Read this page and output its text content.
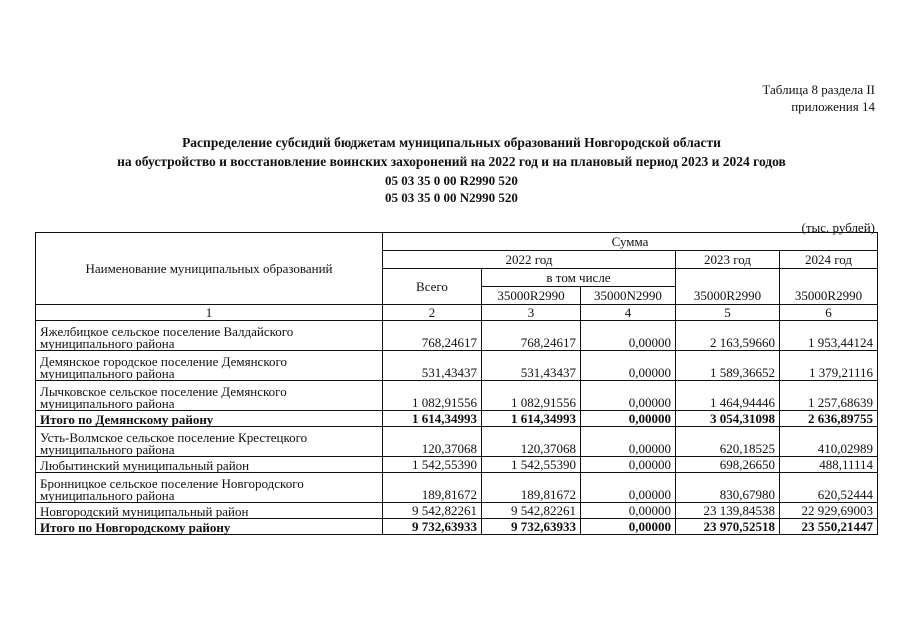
Таблица 8 раздела II
приложения 14
Распределение субсидий бюджетам муниципальных образований Новгородской области
на обустройство и восстановление воинских захоронений на 2022 год и на плановый период 2023 и 2024 годов
05 03 35 0 00 R2990 520
05 03 35 0 00 N2990 520
(тыс. рублей)
Наименование муниципальных образований	Сумма				
	2022 год			2023 год	2024 год
	Всего	в том числе		35000R2990	35000R2990
		35000R2990	35000N2990		
1	2	3	4	5	6

Яжелбицкое сельское поселение Валдайского
муниципального района	768,24617	768,24617	0,00000	2 163,59660	1 953,44124

Демянское городское поселение Демянского
муниципального района	531,43437	531,43437	0,00000	1 589,36652	1 379,21116

Лычковское сельское поселение Демянского
муниципального района	1 082,91556	1 082,91556	0,00000	1 464,94446	1 257,68639

Итого по Демянскому району	1 614,34993	1 614,34993	0,00000	3 054,31098	2 636,89755

Усть-Волмское сельское поселение Крестецкого
муниципального района	120,37068	120,37068	0,00000	620,18525	410,02989

Любытинский муниципальный район	1 542,55390	1 542,55390	0,00000	698,26650	488,11114

Бронницкое сельское поселение Новгородского
муниципального района	189,81672	189,81672	0,00000	830,67980	620,52444

Новгородский муниципальный район	9 542,82261	9 542,82261	0,00000	23 139,84538	22 929,69003

Итого по Новгородскому району	9 732,63933	9 732,63933	0,00000	23 970,52518	23 550,21447
